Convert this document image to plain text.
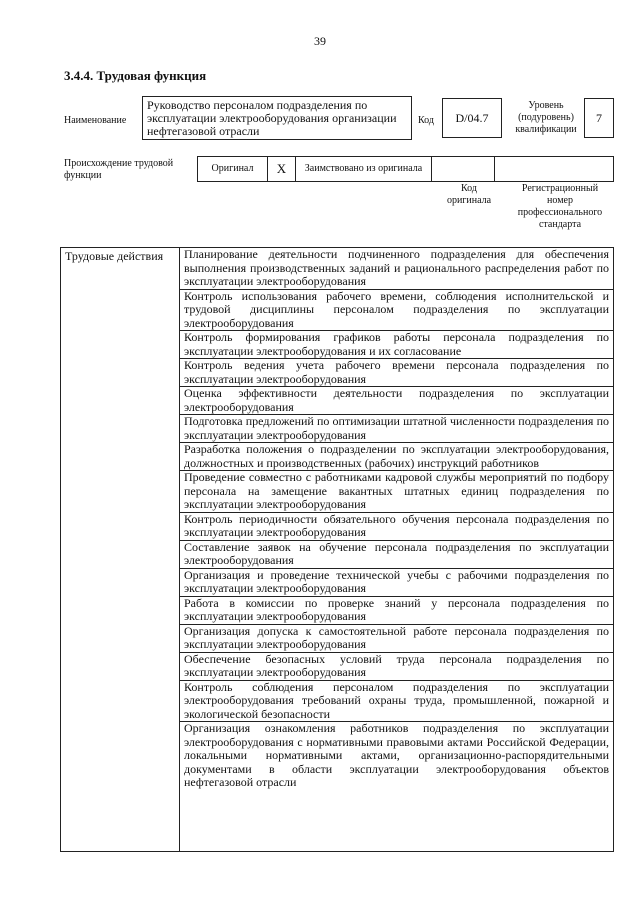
39
3.4.4. Трудовая функция
Наименование
Руководство персоналом подразделения по эксплуатации электрооборудования организации нефтегазовой отрасли
Код	D/04.7
Уровень (подуровень) квалификации
7
Происхождение трудовой функции
Оригинал	X	Заимствовано из оригинала
Код оригинала
Регистрационный номер профессионального стандарта
Трудовые действия	Планирование деятельности подчиненного подразделения для обеспечения выполнения производственных заданий и рационального распределения работ по эксплуатации электрооборудования
Контроль использования рабочего времени, соблюдения исполнительской и трудовой дисциплины персоналом подразделения по эксплуатации электрооборудования
Контроль формирования графиков работы персонала подразделения по эксплуатации электрооборудования и их согласование
Контроль ведения учета рабочего времени персонала подразделения по эксплуатации электрооборудования
Оценка эффективности деятельности подразделения по эксплуатации электрооборудования
Подготовка предложений по оптимизации штатной численности подразделения по эксплуатации электрооборудования
Разработка положения о подразделении по эксплуатации электрооборудования, должностных и производственных (рабочих) инструкций работников
Проведение совместно с работниками кадровой службы мероприятий по подбору персонала на замещение вакантных штатных единиц подразделения по эксплуатации электрооборудования
Контроль периодичности обязательного обучения персонала подразделения по эксплуатации электрооборудования
Составление заявок на обучение персонала подразделения по эксплуатации электрооборудования
Организация и проведение технической учебы с рабочими подразделения по эксплуатации электрооборудования
Работа в комиссии по проверке знаний у персонала подразделения по эксплуатации электрооборудования
Организация допуска к самостоятельной работе персонала подразделения по эксплуатации электрооборудования
Обеспечение безопасных условий труда персонала подразделения по эксплуатации электрооборудования
Контроль соблюдения персоналом подразделения по эксплуатации электрооборудования требований охраны труда, промышленной, пожарной и экологической безопасности
Организация ознакомления работников подразделения по эксплуатации электрооборудования с нормативными правовыми актами Российской Федерации, локальными нормативными актами, организационно-распорядительными документами в области эксплуатации электрооборудования объектов нефтегазовой отрасли
